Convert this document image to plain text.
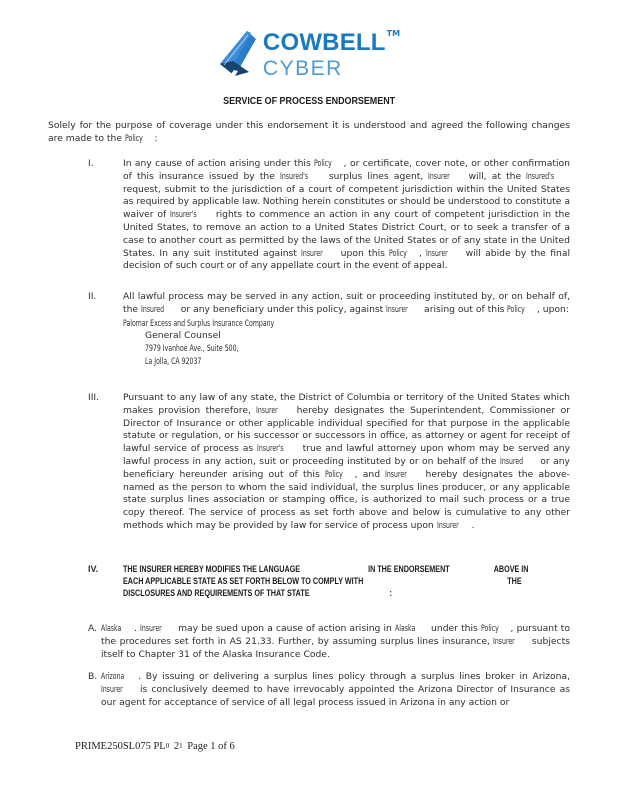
COWBELLTM
CYBER
SERVICE OF PROCESS ENDORSEMENT
Solely for the purpose of coverage under this endorsement it is understood and agreed the following changes are made to the Policy :
I.	In any cause of action arising under this Policy , or certificate, cover note, or other confirmation of this insurance issued by the Insured's surplus lines agent, Insurer will, at the Insured's request, submit to the jurisdiction of a court of competent jurisdiction within the United States as required by applicable law. Nothing herein constitutes or should be understood to constitute a waiver of Insurer's rights to commence an action in any court of competent jurisdiction in the United States, to remove an action to a United States District Court, or to seek a transfer of a case to another court as permitted by the laws of the United States or of any state in the United States. In any suit instituted against Insurer upon this Policy , Insurer will abide by the final decision of such court or of any appellate court in the event of appeal.
II.	All lawful process may be served in any action, suit or proceeding instituted by, or on behalf of, the Insured or any beneficiary under this policy, against Insurer arising out of this Policy , upon:
Palomar Excess and Surplus Insurance Company
General Counsel
7979 Ivanhoe Ave., Suite 500,
La Jolla, CA 92037
III.	Pursuant to any law of any state, the District of Columbia or territory of the United States which makes provision therefore, Insurer hereby designates the Superintendent, Commissioner or Director of Insurance or other applicable individual specified for that purpose in the applicable statute or regulation, or his successor or successors in office, as attorney or agent for receipt of lawful service of process as Insurer's true and lawful attorney upon whom may be served any lawful process in any action, suit or proceeding instituted by or on behalf of the Insured or any beneficiary hereunder arising out of this Policy , and Insurer hereby designates the above-named as the person to whom the said individual, the surplus lines producer, or any applicable state surplus lines association or stamping office, is authorized to mail such process or a true copy thereof. The service of process as set forth above and below is cumulative to any other methods which may be provided by law for service of process upon Insurer .
IV.	THE INSURER HEREBY MODIFIES THE LANGUAGE	IN THE ENDORSEMENT	ABOVE IN
EACH APPLICABLE STATE AS SET FORTH BELOW TO COMPLY WITH	THE
DISCLOSURES AND REQUIREMENTS OF THAT STATE	:
A. Alaska . Insurer may be sued upon a cause of action arising in Alaska under this Policy , pursuant to the procedures set forth in AS 21.33. Further, by assuming surplus lines insurance, Insurer subjects itself to Chapter 31 of the Alaska Insurance Code.
B. Arizona . By issuing or delivering a surplus lines policy through a surplus lines broker in Arizona, Insurer is conclusively deemed to have irrevocably appointed the Arizona Director of Insurance as our agent for acceptance of service of all legal process issued in Arizona in any action or
PRIME250SL075 PL0 21 Page 1 of 6
